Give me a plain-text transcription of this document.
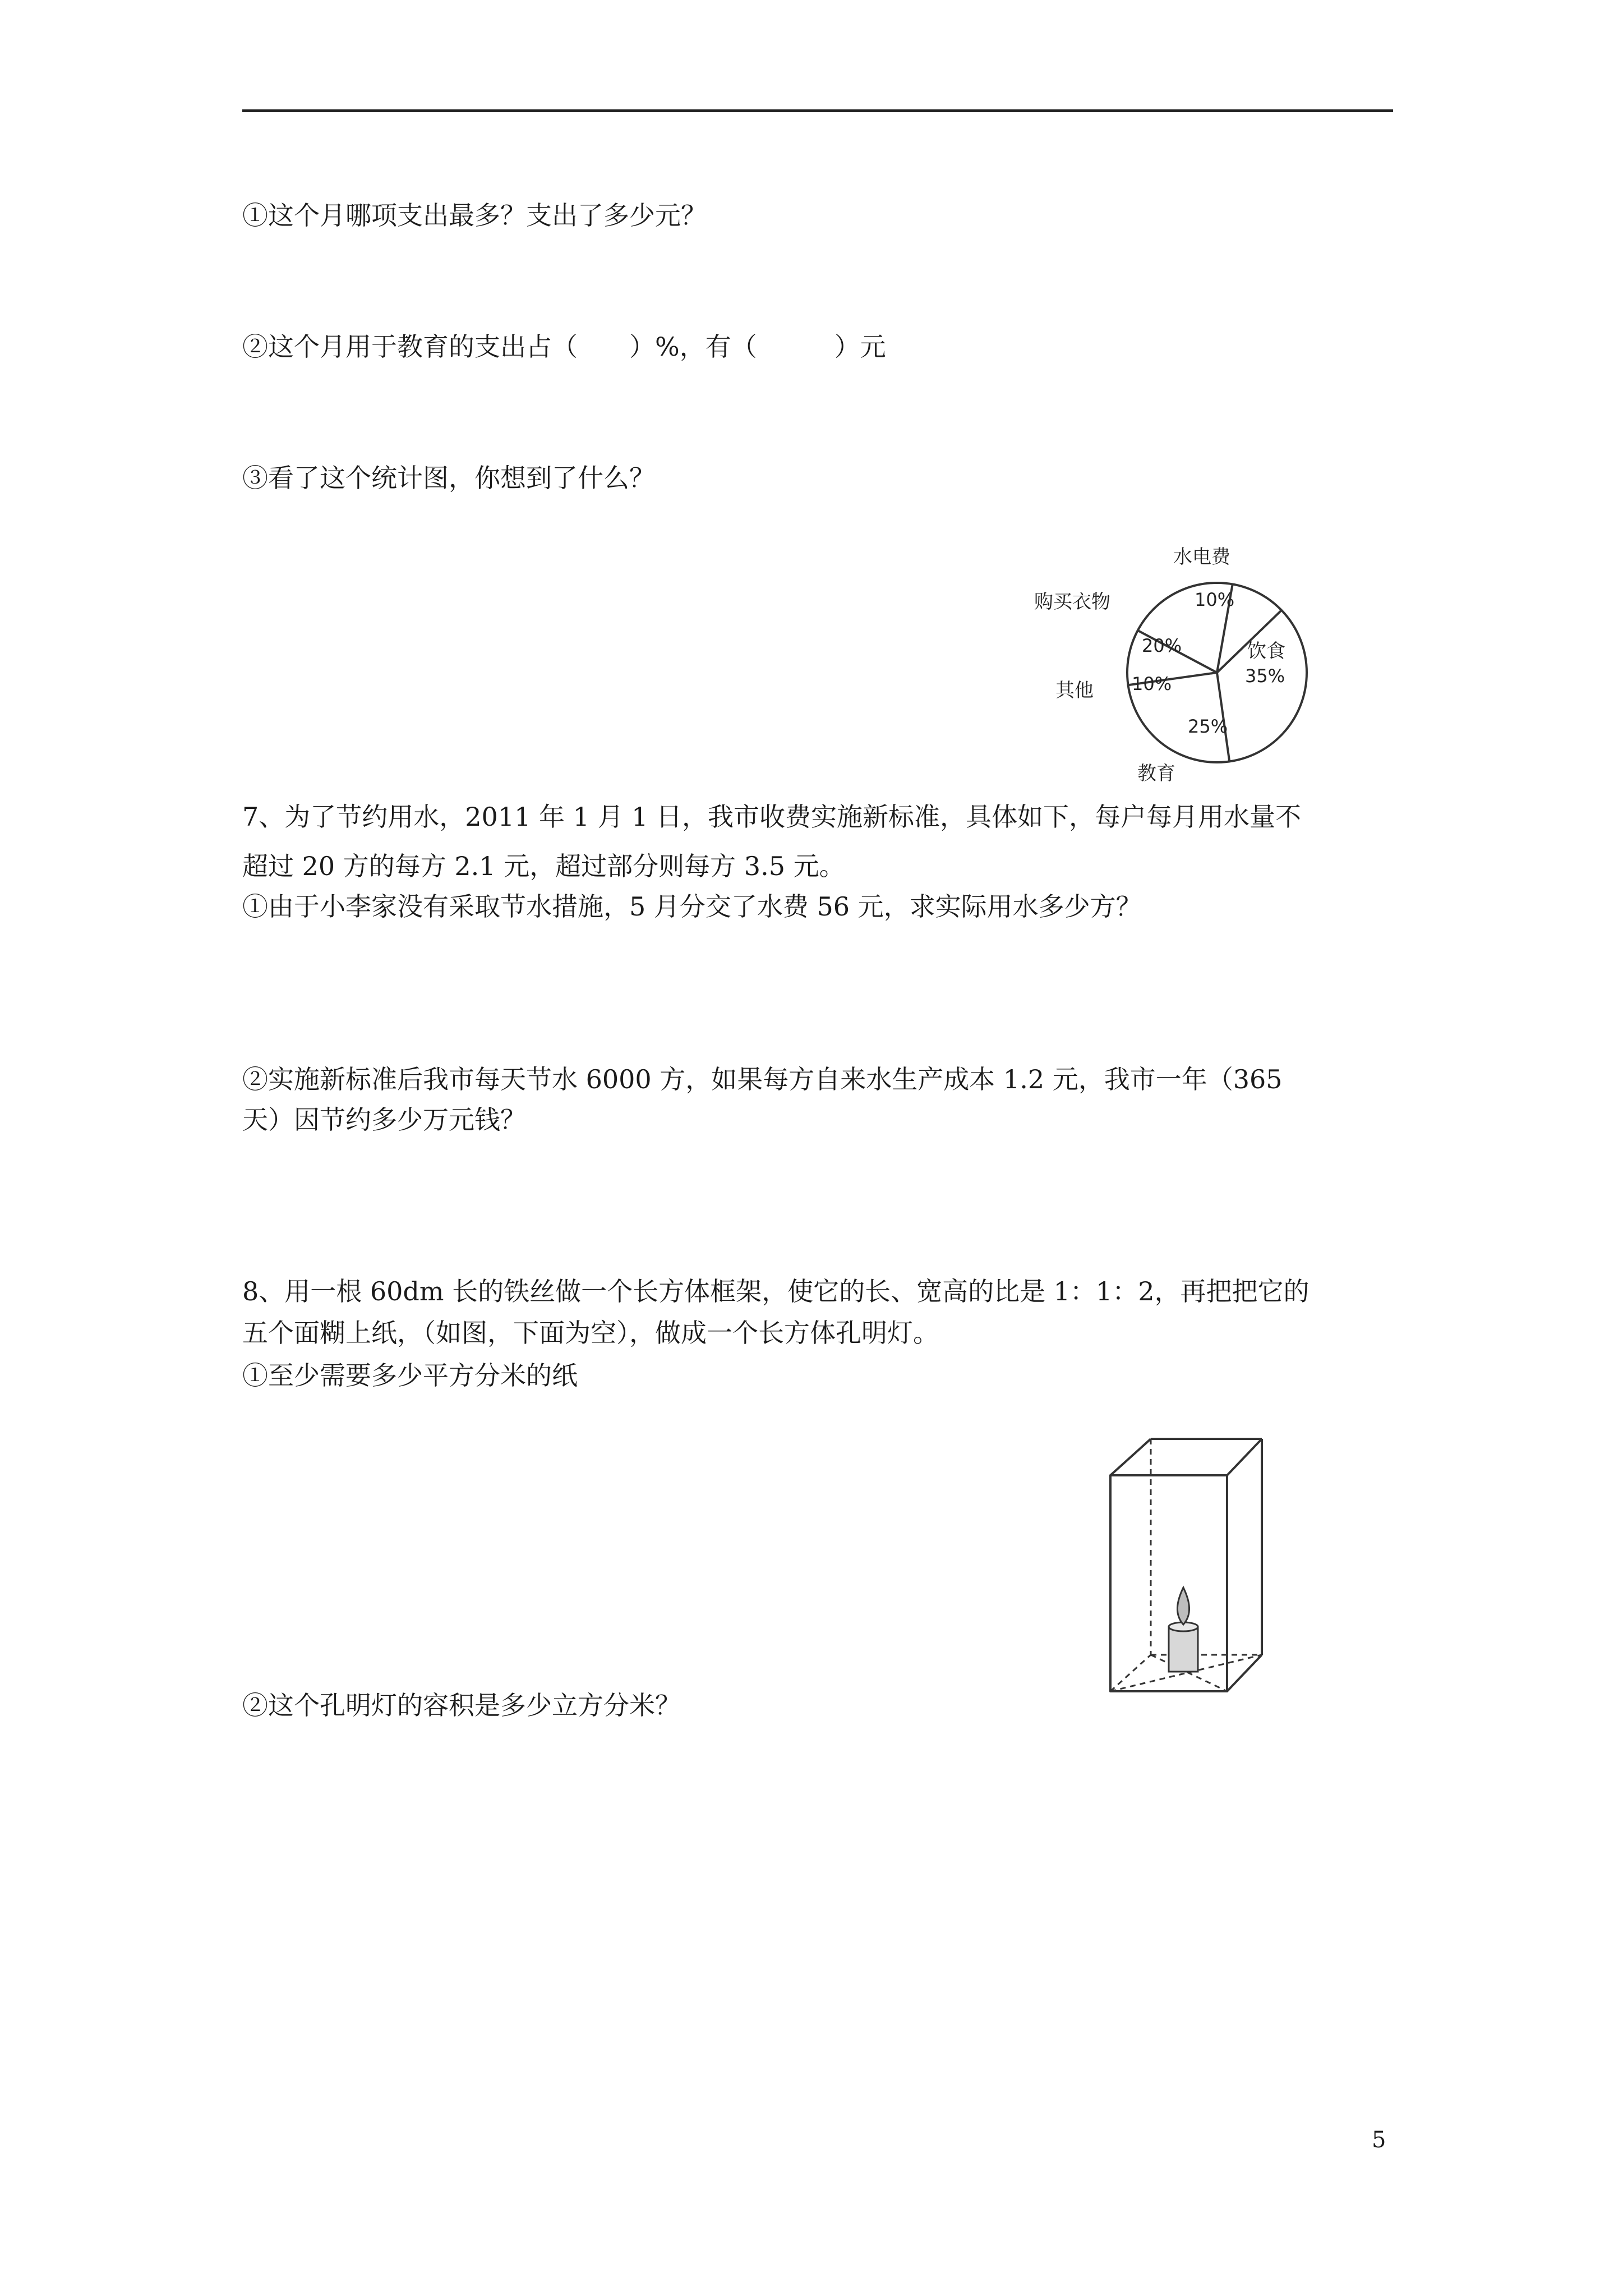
①这个月哪项支出最多？支出了多少元？
②这个月用于教育的支出占（　　）%，有（　　　）元
③看了这个统计图，你想到了什么？
水电费
10%
饮食
35%
25%
教育
10%
其他
20%
购买衣物
7、为了节约用水，2011 年 1 月 1 日，我市收费实施新标准，具体如下，每户每月用水量不
超过 20 方的每方 2.1 元，超过部分则每方 3.5 元。
①由于小李家没有采取节水措施，5 月分交了水费 56 元，求实际用水多少方？
②实施新标准后我市每天节水 6000 方，如果每方自来水生产成本 1.2 元，我市一年（365
天）因节约多少万元钱？
8、用一根 60dm 长的铁丝做一个长方体框架，使它的长、宽高的比是 1：1：2，再把把它的
五个面糊上纸，（如图，下面为空），做成一个长方体孔明灯。
①至少需要多少平方分米的纸
②这个孔明灯的容积是多少立方分米？
5
